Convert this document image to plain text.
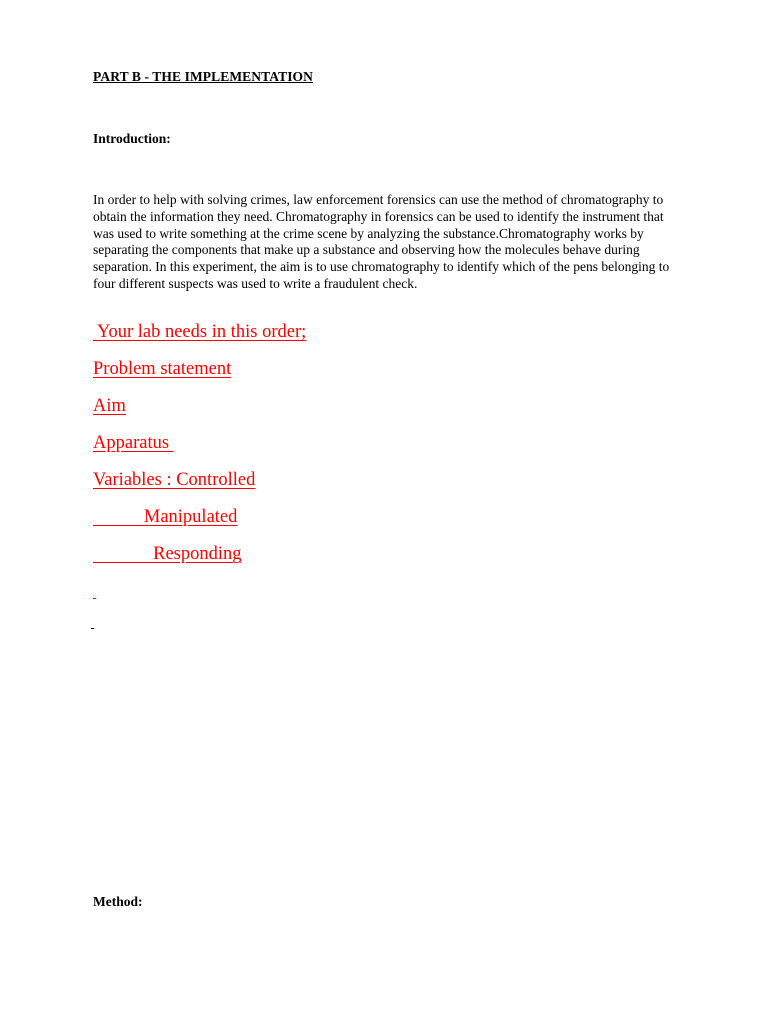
PART B - THE IMPLEMENTATION
Introduction:
In order to help with solving crimes, law enforcement forensics can use the method of chromatography to obtain the information they need. Chromatography in forensics can be used to identify the instrument that was used to write something at the crime scene by analyzing the substance.Chromatography works by separating the components that make up a substance and observing how the molecules behave during separation. In this experiment, the aim is to use chromatography to identify which of the pens belonging to four different suspects was used to write a fraudulent check.
Your lab needs in this order;
Problem statement
Aim
Apparatus
Variables : Controlled
Manipulated
Responding

Method:
